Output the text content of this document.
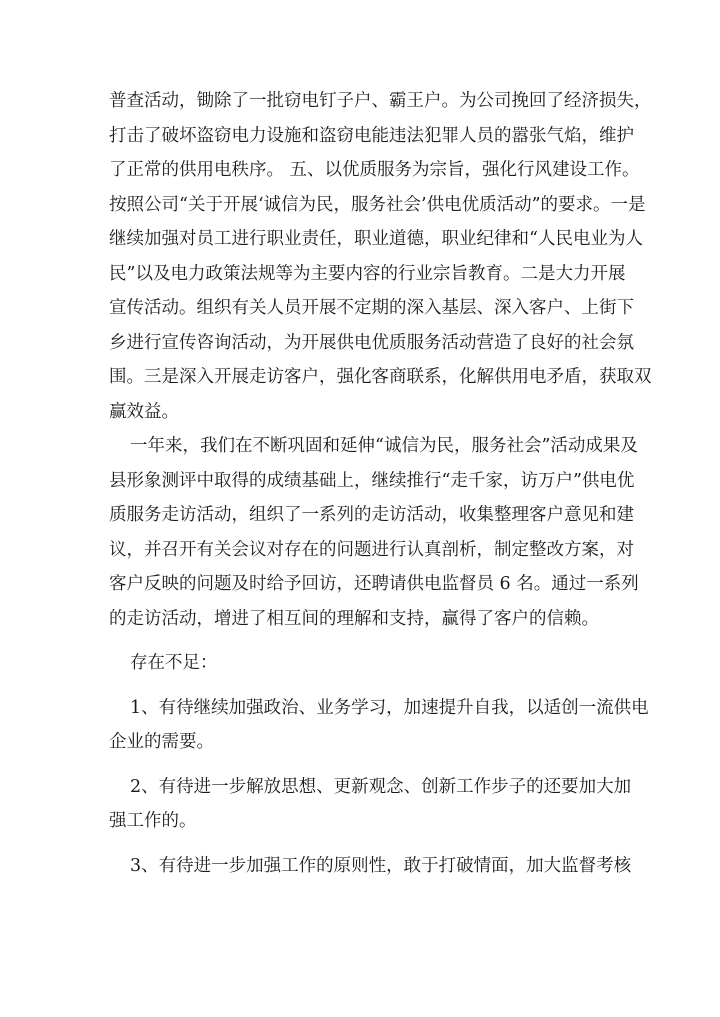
普查活动，锄除了一批窃电钉子户、霸王户。为公司挽回了经济损失，
打击了破坏盗窃电力设施和盗窃电能违法犯罪人员的嚣张气焰，维护
了正常的供用电秩序。 五、以优质服务为宗旨，强化行风建设工作。
按照公司“关于开展‘诚信为民，服务社会’供电优质活动”的要求。一是
继续加强对员工进行职业责任，职业道德，职业纪律和“人民电业为人
民”以及电力政策法规等为主要内容的行业宗旨教育。二是大力开展
宣传活动。组织有关人员开展不定期的深入基层、深入客户、上街下
乡进行宣传咨询活动，为开展供电优质服务活动营造了良好的社会氛
围。三是深入开展走访客户，强化客商联系，化解供用电矛盾，获取双
赢效益。
一年来，我们在不断巩固和延伸“诚信为民，服务社会”活动成果及
县形象测评中取得的成绩基础上，继续推行“走千家，访万户”供电优
质服务走访活动，组织了一系列的走访活动，收集整理客户意见和建
议，并召开有关会议对存在的问题进行认真剖析，制定整改方案，对
客户反映的问题及时给予回访，还聘请供电监督员 6 名。通过一系列
的走访活动，增进了相互间的理解和支持，赢得了客户的信赖。
存在不足：
1、有待继续加强政治、业务学习，加速提升自我，以适创一流供电
企业的需要。
2、有待进一步解放思想、更新观念、创新工作步子的还要加大加
强工作的。
3、有待进一步加强工作的原则性，敢于打破情面，加大监督考核
